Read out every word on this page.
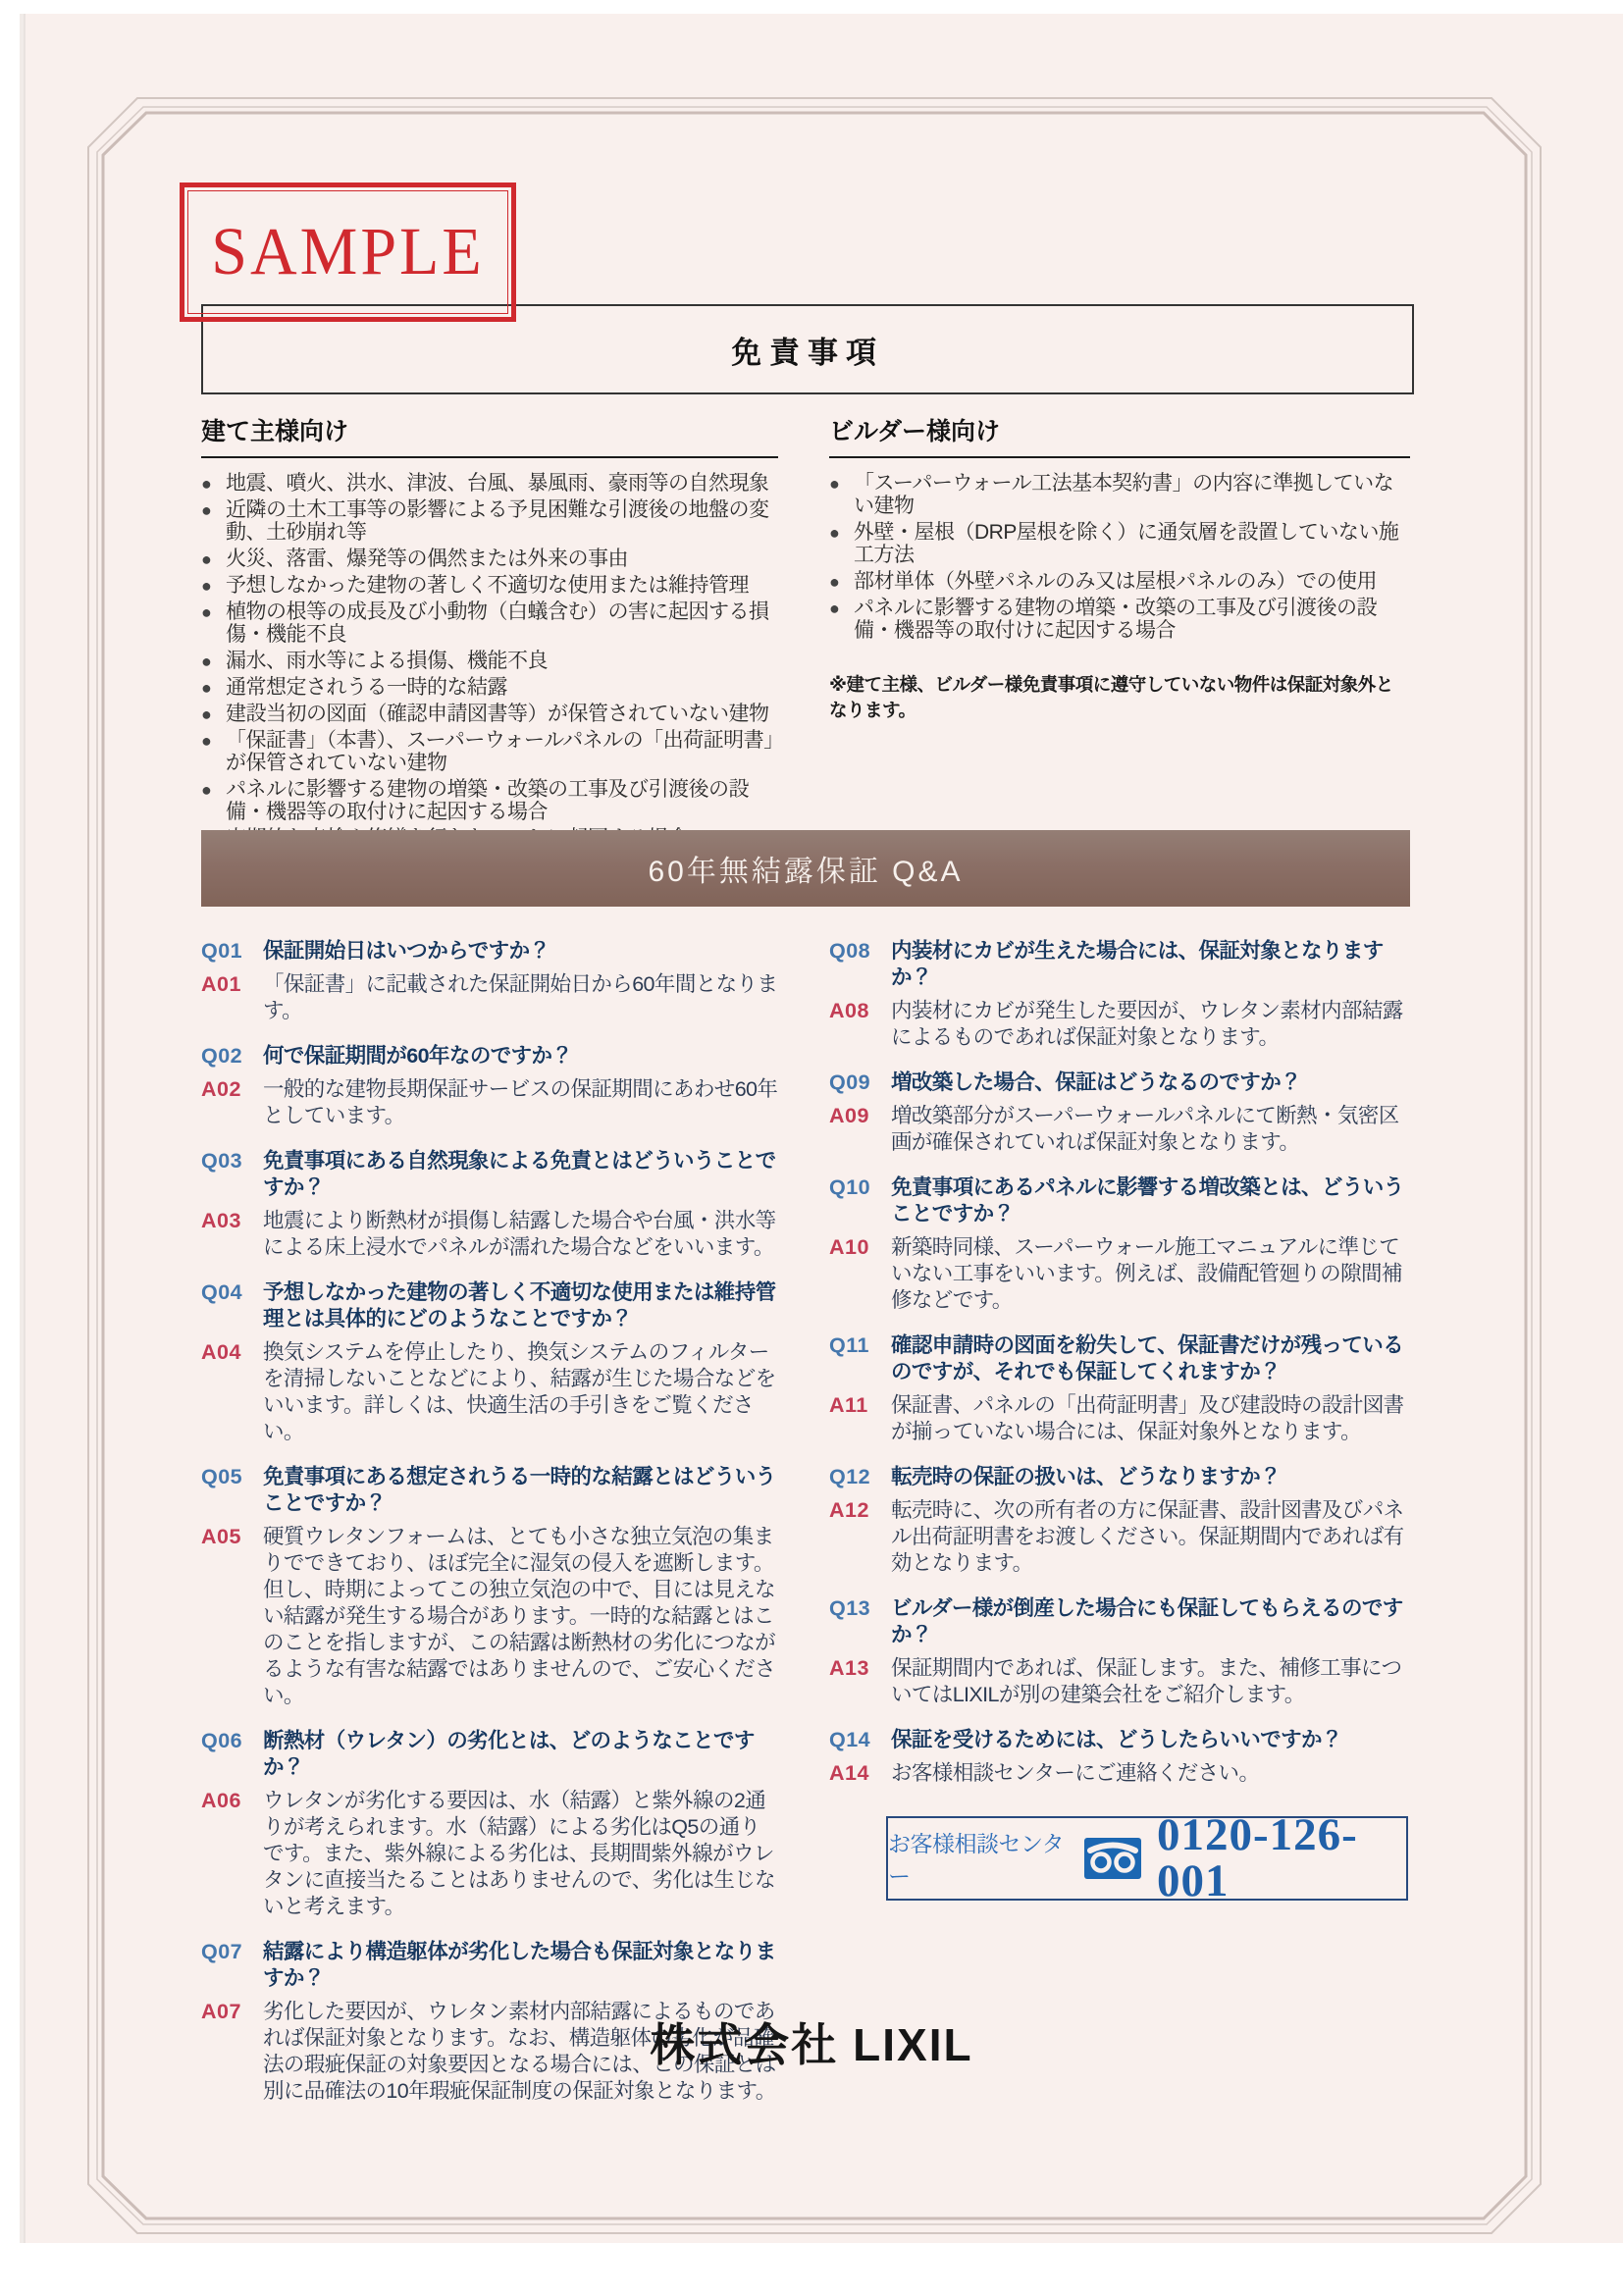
SAMPLE
免責事項
建て主様向け
● 地震、噴火、洪水、津波、台風、暴風雨、豪雨等の自然現象
● 近隣の土木工事等の影響による予見困難な引渡後の地盤の変動、土砂崩れ等
● 火災、落雷、爆発等の偶然または外来の事由
● 予想しなかった建物の著しく不適切な使用または維持管理
● 植物の根等の成長及び小動物（白蟻含む）の害に起因する損傷・機能不良
● 漏水、雨水等による損傷、機能不良
● 通常想定されうる一時的な結露
● 建設当初の図面（確認申請図書等）が保管されていない建物
● 「保証書」（本書）、スーパーウォールパネルの「出荷証明書」が保管されていない建物
● パネルに影響する建物の増築・改築の工事及び引渡後の設備・機器等の取付けに起因する場合
ビルダー様向け
● 「スーパーウォール工法基本契約書」の内容に準拠していない建物
● 外壁・屋根（DRP屋根を除く）に通気層を設置していない施工方法
● 部材単体（外壁パネルのみ又は屋根パネルのみ）での使用
● パネルに影響する建物の増築・改築の工事及び引渡後の設備・機器等の取付けに起因する場合
※建て主様、ビルダー様免責事項に遵守していない物件は保証対象外となります。
60年無結露保証 Q&A
Q01 保証開始日はいつからですか？
A01	「保証書」に記載された保証開始日から60年間となります。
Q02 何で保証期間が60年なのですか？
A02	一般的な建物長期保証サービスの保証期間にあわせ60年としています。
Q03 免責事項にある自然現象による免責とはどういうことですか？
A03	地震により断熱材が損傷し結露した場合や台風・洪水等による床上浸水でパネルが濡れた場合などをいいます。
Q04 予想しなかった建物の著しく不適切な使用または維持管理とは具体的にどのようなことですか？
A04	換気システムを停止したり、換気システムのフィルターを清掃しないことなどにより、結露が生じた場合などをいいます。詳しくは、快適生活の手引きをご覧ください。
Q05 免責事項にある想定されうる一時的な結露とはどういうことですか？
A05	硬質ウレタンフォームは、とても小さな独立気泡の集まりでできており、ほぼ完全に湿気の侵入を遮断します。但し、時期によってこの独立気泡の中で、目には見えない結露が発生する場合があります。一時的な結露とはこのことを指しますが、この結露は断熱材の劣化につながるような有害な結露ではありませんので、ご安心ください。
Q06 断熱材（ウレタン）の劣化とは、どのようなことですか？
A06	ウレタンが劣化する要因は、水（結露）と紫外線の2通りが考えられます。水（結露）による劣化はQ5の通りです。また、紫外線による劣化は、長期間紫外線がウレタンに直接当たることはありませんので、劣化は生じないと考えます。
Q07 結露により構造躯体が劣化した場合も保証対象となりますか？
A07	劣化した要因が、ウレタン素材内部結露によるものであれば保証対象となります。なお、構造躯体の劣化が品確法の瑕疵保証の対象要因となる場合には、この保証とは別に品確法の10年瑕疵保証制度の保証対象となります。
Q08 内装材にカビが生えた場合には、保証対象となりますか？
A08	内装材にカビが発生した要因が、ウレタン素材内部結露によるものであれば保証対象となります。
Q09 増改築した場合、保証はどうなるのですか？
A09	増改築部分がスーパーウォールパネルにて断熱・気密区画が確保されていれば保証対象となります。
Q10 免責事項にあるパネルに影響する増改築とは、どういうことですか？
A10	新築時同様、スーパーウォール施工マニュアルに準じていない工事をいいます。例えば、設備配管廻りの隙間補修などです。
Q11	確認申請時の図面を紛失して、保証書だけが残っているのですが、それでも保証してくれますか？
A11	保証書、パネルの「出荷証明書」及び建設時の設計図書が揃っていない場合には、保証対象外となります。
Q12 転売時の保証の扱いは、どうなりますか？
A12	転売時に、次の所有者の方に保証書、設計図書及びパネル出荷証明書をお渡しください。保証期間内であれば有効となります。
Q13 ビルダー様が倒産した場合にも保証してもらえるのですか？
A13	保証期間内であれば、保証します。また、補修工事についてはLIXILが別の建築会社をご紹介します。
Q14 保証を受けるためには、どうしたらいいですか？
A14	お客様相談センターにご連絡ください。
お客様相談センター
0120-126-001
株式会社 LIXIL
